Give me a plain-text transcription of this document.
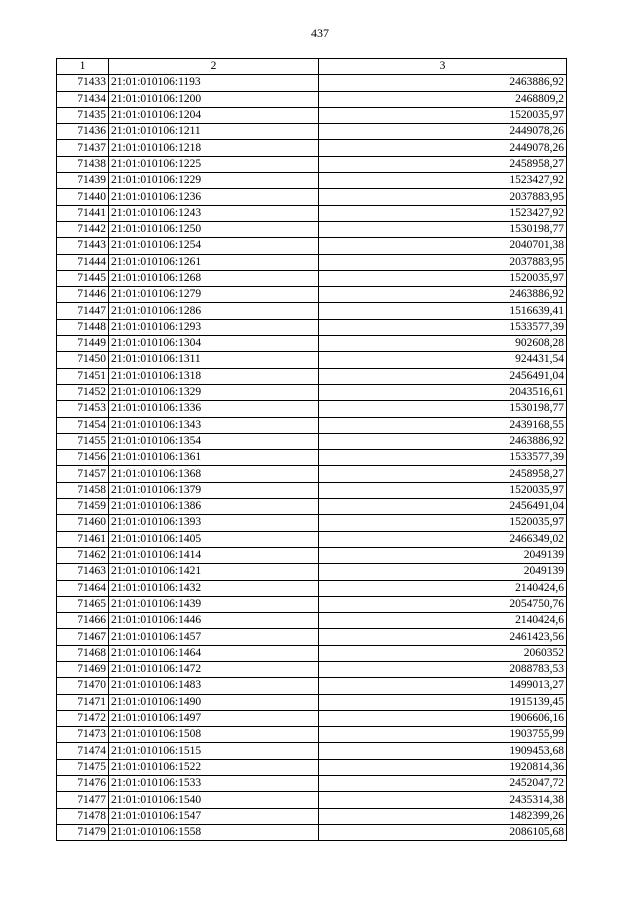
437
1	2	3
71433	21:01:010106:1193	2463886,92
71434	21:01:010106:1200	2468809,2
71435	21:01:010106:1204	1520035,97
71436	21:01:010106:1211	2449078,26
71437	21:01:010106:1218	2449078,26
71438	21:01:010106:1225	2458958,27
71439	21:01:010106:1229	1523427,92
71440	21:01:010106:1236	2037883,95
71441	21:01:010106:1243	1523427,92
71442	21:01:010106:1250	1530198,77
71443	21:01:010106:1254	2040701,38
71444	21:01:010106:1261	2037883,95
71445	21:01:010106:1268	1520035,97
71446	21:01:010106:1279	2463886,92
71447	21:01:010106:1286	1516639,41
71448	21:01:010106:1293	1533577,39
71449	21:01:010106:1304	902608,28
71450	21:01:010106:1311	924431,54
71451	21:01:010106:1318	2456491,04
71452	21:01:010106:1329	2043516,61
71453	21:01:010106:1336	1530198,77
71454	21:01:010106:1343	2439168,55
71455	21:01:010106:1354	2463886,92
71456	21:01:010106:1361	1533577,39
71457	21:01:010106:1368	2458958,27
71458	21:01:010106:1379	1520035,97
71459	21:01:010106:1386	2456491,04
71460	21:01:010106:1393	1520035,97
71461	21:01:010106:1405	2466349,02
71462	21:01:010106:1414	2049139
71463	21:01:010106:1421	2049139
71464	21:01:010106:1432	2140424,6
71465	21:01:010106:1439	2054750,76
71466	21:01:010106:1446	2140424,6
71467	21:01:010106:1457	2461423,56
71468	21:01:010106:1464	2060352
71469	21:01:010106:1472	2088783,53
71470	21:01:010106:1483	1499013,27
71471	21:01:010106:1490	1915139,45
71472	21:01:010106:1497	1906606,16
71473	21:01:010106:1508	1903755,99
71474	21:01:010106:1515	1909453,68
71475	21:01:010106:1522	1920814,36
71476	21:01:010106:1533	2452047,72
71477	21:01:010106:1540	2435314,38
71478	21:01:010106:1547	1482399,26
71479	21:01:010106:1558	2086105,68
